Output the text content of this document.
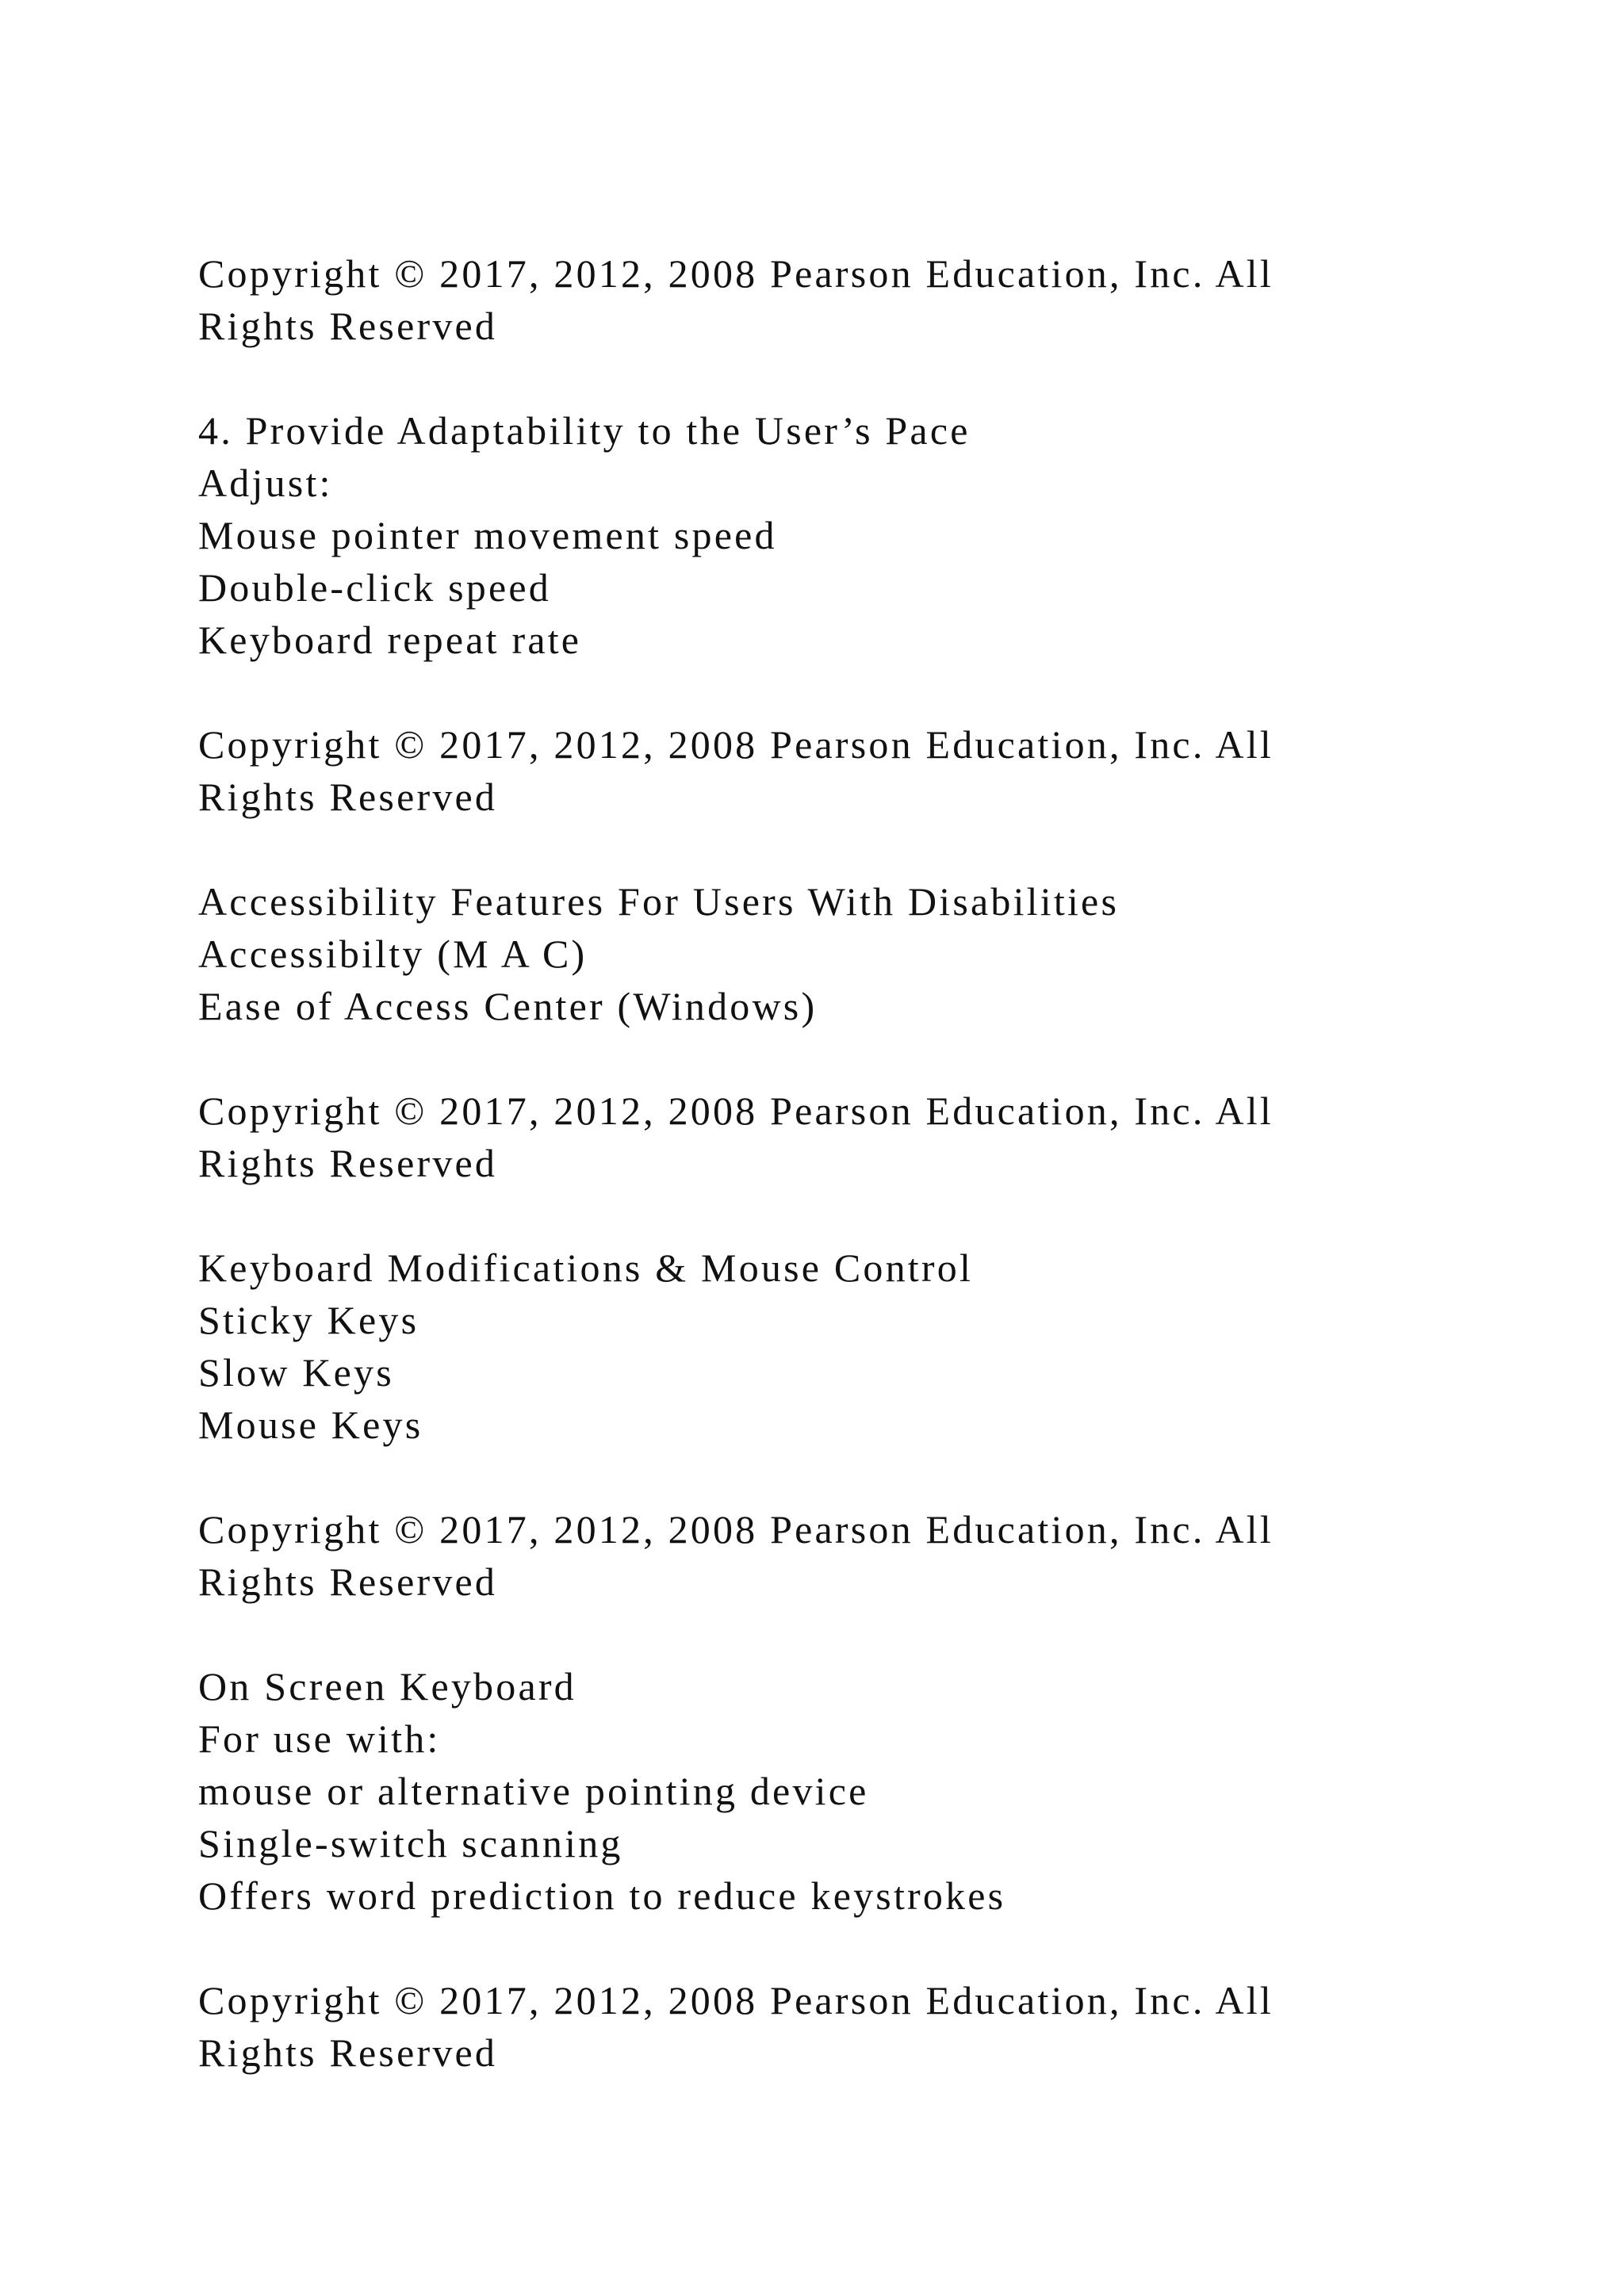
Copyright © 2017, 2012, 2008 Pearson Education, Inc. All
Rights Reserved
4. Provide Adaptability to the User’s Pace
Adjust:
Mouse pointer movement speed
Double-click speed
Keyboard repeat rate
Copyright © 2017, 2012, 2008 Pearson Education, Inc. All
Rights Reserved
Accessibility Features For Users With Disabilities
Accessibilty (M A C)
Ease of Access Center (Windows)
Copyright © 2017, 2012, 2008 Pearson Education, Inc. All
Rights Reserved
Keyboard Modifications & Mouse Control
Sticky Keys
Slow Keys
Mouse Keys
Copyright © 2017, 2012, 2008 Pearson Education, Inc. All
Rights Reserved
On Screen Keyboard
For use with:
mouse or alternative pointing device
Single-switch scanning
Offers word prediction to reduce keystrokes
Copyright © 2017, 2012, 2008 Pearson Education, Inc. All
Rights Reserved
